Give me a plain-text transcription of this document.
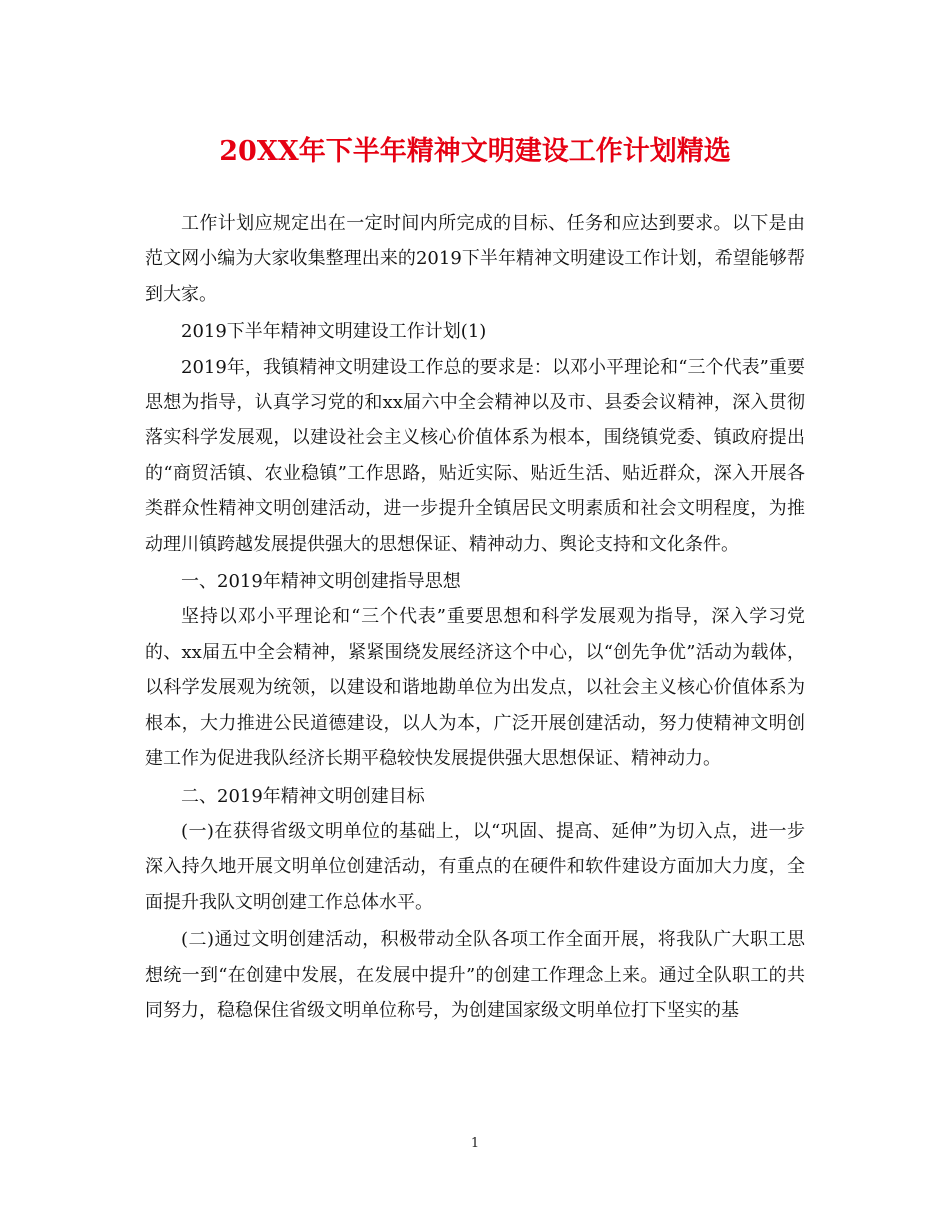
20XX年下半年精神文明建设工作计划精选

工作计划应规定出在一定时间内所完成的目标、任务和应达到要求。以下是由范文网小编为大家收集整理出来的2019下半年精神文明建设工作计划，希望能够帮到大家。

2019下半年精神文明建设工作计划(1)

2019年，我镇精神文明建设工作总的要求是：以邓小平理论和“三个代表”重要思想为指导，认真学习党的和xx届六中全会精神以及市、县委会议精神，深入贯彻落实科学发展观，以建设社会主义核心价值体系为根本，围绕镇党委、镇政府提出的“商贸活镇、农业稳镇”工作思路，贴近实际、贴近生活、贴近群众，深入开展各类群众性精神文明创建活动，进一步提升全镇居民文明素质和社会文明程度，为推动理川镇跨越发展提供强大的思想保证、精神动力、舆论支持和文化条件。

一、2019年精神文明创建指导思想

坚持以邓小平理论和“三个代表”重要思想和科学发展观为指导，深入学习党的、xx届五中全会精神，紧紧围绕发展经济这个中心，以“创先争优”活动为载体，以科学发展观为统领，以建设和谐地勘单位为出发点，以社会主义核心价值体系为根本，大力推进公民道德建设，以人为本，广泛开展创建活动，努力使精神文明创建工作为促进我队经济长期平稳较快发展提供强大思想保证、精神动力。

二、2019年精神文明创建目标

(一)在获得省级文明单位的基础上，以“巩固、提高、延伸”为切入点，进一步深入持久地开展文明单位创建活动，有重点的在硬件和软件建设方面加大力度，全面提升我队文明创建工作总体水平。

(二)通过文明创建活动，积极带动全队各项工作全面开展，将我队广大职工思想统一到“在创建中发展，在发展中提升”的创建工作理念上来。通过全队职工的共同努力，稳稳保住省级文明单位称号，为创建国家级文明单位打下坚实的基

1
